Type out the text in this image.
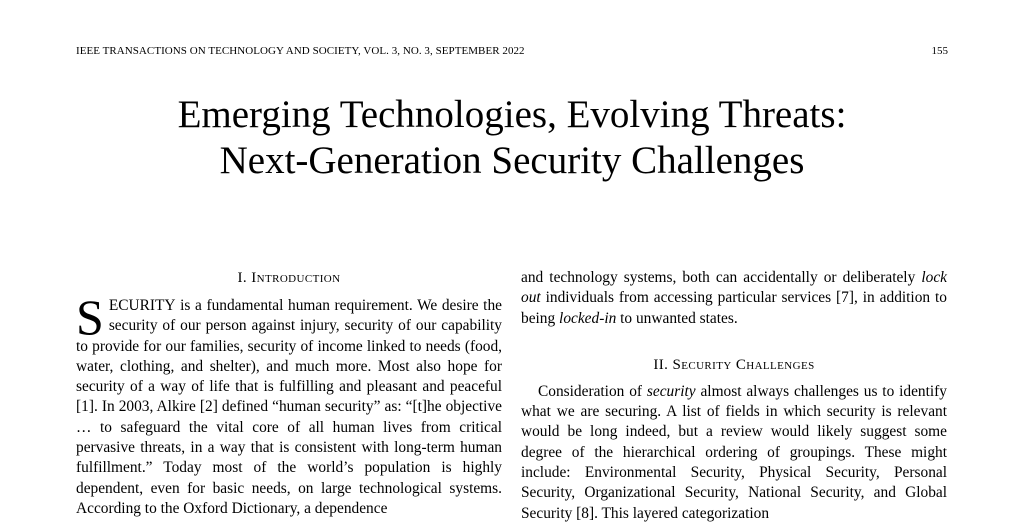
IEEE TRANSACTIONS ON TECHNOLOGY AND SOCIETY, VOL. 3, NO. 3, SEPTEMBER 2022	155
Emerging Technologies, Evolving Threats:
Next-Generation Security Challenges
I. Introduction

SECURITY is a fundamental human requirement. We desire the security of our person against injury, security of our capability to provide for our families, security of income linked to needs (food, water, clothing, and shelter), and much more. Most also hope for security of a way of life that is fulfilling and pleasant and peaceful [1]. In 2003, Alkire [2] defined “human security” as: “[t]he objective … to safeguard the vital core of all human lives from critical pervasive threats, in a way that is consistent with long-term human fulfillment.” Today most of the world’s population is highly dependent, even for basic needs, on large technological systems. According to the Oxford Dictionary, a dependence

and technology systems, both can accidentally or deliberately lock out individuals from accessing particular services [7], in addition to being locked-in to unwanted states.

II. Security Challenges

Consideration of security almost always challenges us to identify what we are securing. A list of fields in which security is relevant would be long indeed, but a review would likely suggest some degree of the hierarchical ordering of groupings. These might include: Environmental Security, Physical Security, Personal Security, Organizational Security, National Security, and Global Security [8]. This layered categorization
